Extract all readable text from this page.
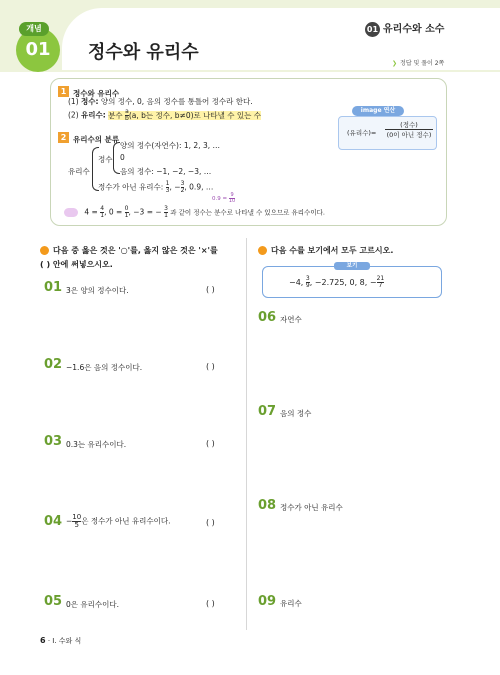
01
개념
정수와 유리수
01 유리수와 소수
❯ 정답 및 풀이 2쪽
1 정수와 유리수
(1) 정수: 양의 정수, 0, 음의 정수를 통틀어 정수라 한다.
(2) 유리수: 분수 $\frac{a}{b} (a$, b는 정수, b≠0)로 나타낼 수 있는 수
2 유리수의 분류
유리수
정수
양의 정수(자연수): 1, 2, 3, …
0
음의 정수: −1, −2, −3, …
정수가 아닌 유리수: $\frac{1}{3}$ , − $\frac{3}{2}$ , 0.9, …
$0.9 = \frac{9}{10}$
image 연산
(유리수)=
(정수)
(0이 아닌 정수)
$4 = \frac{4}{1}$ , $0 = \frac{0}{1}$ , −3 = − $\frac{3}{1}$ 과 같이 정수는 분수로 나타낼 수 있으므로 유리수이다.
다음 중 옳은 것은 '○'를, 옳지 않은 것은 '×'를
( ) 안에 써넣으시오.
01 3은 양의 정수이다.	( )
02 −1.6은 음의 정수이다.	( )
03 0.3는 유리수이다.	( )
$04 - \frac{10}{5}$ 은 정수가 아닌 유리수이다.	( )
05 0은 유리수이다.	( )
다음 수를 보기에서 모두 고르시오.
−4, $\frac{3}{9}$ , −2.725, 0, 8, − $\frac{21}{7}$
보기
06 자연수
07 음의 정수
08 정수가 아닌 유리수
09 유리수
6 · I. 수와 식
